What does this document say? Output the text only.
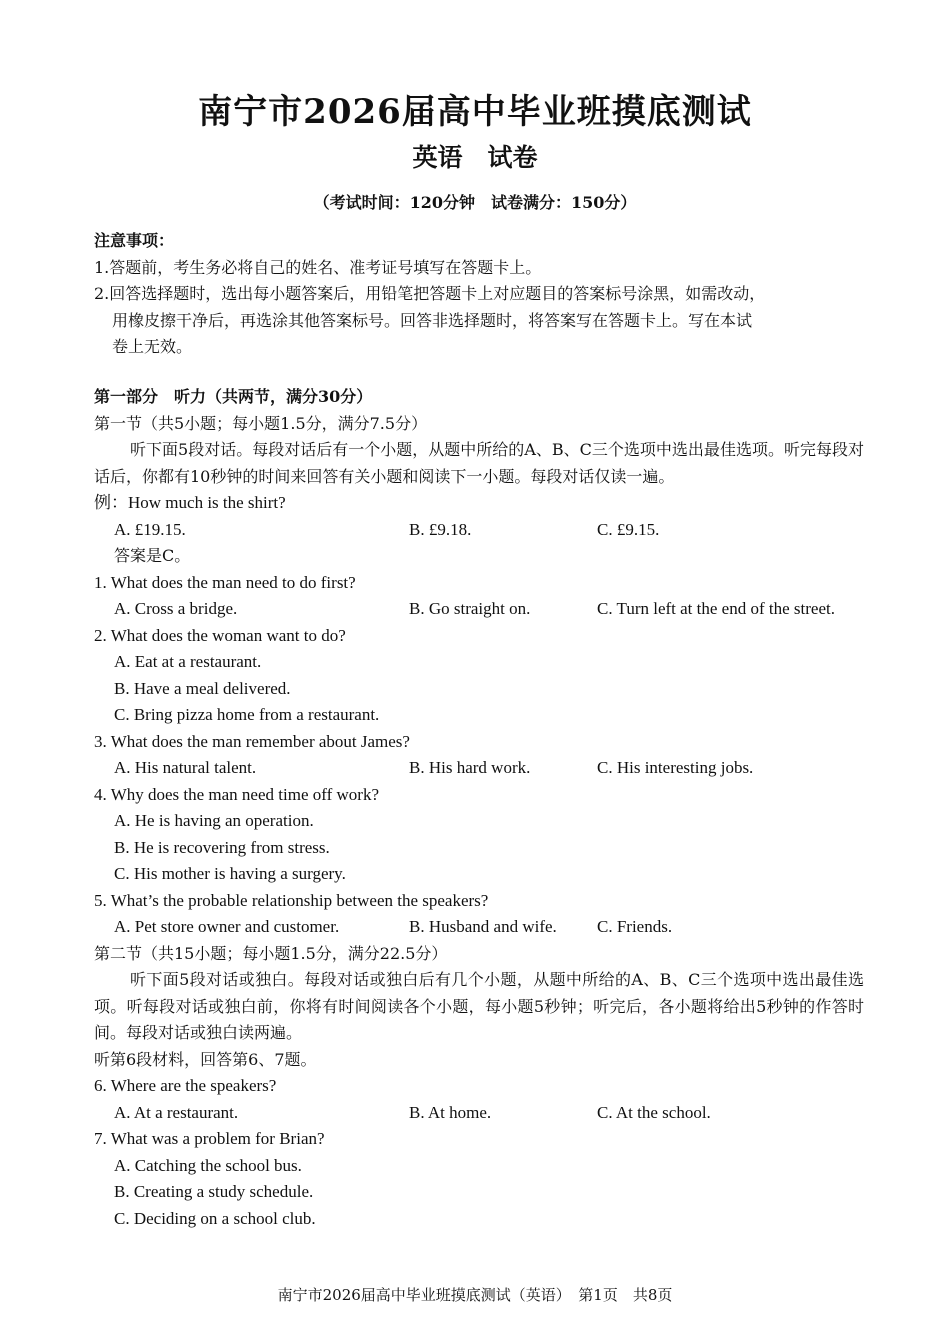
南宁市2026届高中毕业班摸底测试
英语　试卷
（考试时间：120分钟　试卷满分：150分）
注意事项：
1.答题前，考生务必将自己的姓名、准考证号填写在答题卡上。
2.回答选择题时，选出每小题答案后，用铅笔把答题卡上对应题目的答案标号涂黑，如需改动，
用橡皮擦干净后，再选涂其他答案标号。回答非选择题时，将答案写在答题卡上。写在本试
卷上无效。
第一部分　听力（共两节，满分30分）
第一节（共5小题；每小题1.5分，满分7.5分）
听下面5段对话。每段对话后有一个小题，从题中所给的A、B、C三个选项中选出最佳选项。听完每段对话后，你都有10秒钟的时间来回答有关小题和阅读下一小题。每段对话仅读一遍。
例：How much is the shirt?
A. £19.15.	B. £9.18.	C. £9.15.
答案是C。
1. What does the man need to do first?
A. Cross a bridge.	B. Go straight on.	C. Turn left at the end of the street.
2. What does the woman want to do?
A. Eat at a restaurant.
B. Have a meal delivered.
C. Bring pizza home from a restaurant.
3. What does the man remember about James?
A. His natural talent.	B. His hard work.	C. His interesting jobs.
4. Why does the man need time off work?
A. He is having an operation.
B. He is recovering from stress.
C. His mother is having a surgery.
5. What’s the probable relationship between the speakers?
A. Pet store owner and customer.	B. Husband and wife.	C. Friends.
第二节（共15小题；每小题1.5分，满分22.5分）
听下面5段对话或独白。每段对话或独白后有几个小题，从题中所给的A、B、C三个选项中选出最佳选项。听每段对话或独白前，你将有时间阅读各个小题，每小题5秒钟；听完后，各小题将给出5秒钟的作答时间。每段对话或独白读两遍。
听第6段材料，回答第6、7题。
6. Where are the speakers?
A. At a restaurant.	B. At home.	C. At the school.
7. What was a problem for Brian?
A. Catching the school bus.
B. Creating a study schedule.
C. Deciding on a school club.
南宁市2026届高中毕业班摸底测试（英语）　第1页　共8页
